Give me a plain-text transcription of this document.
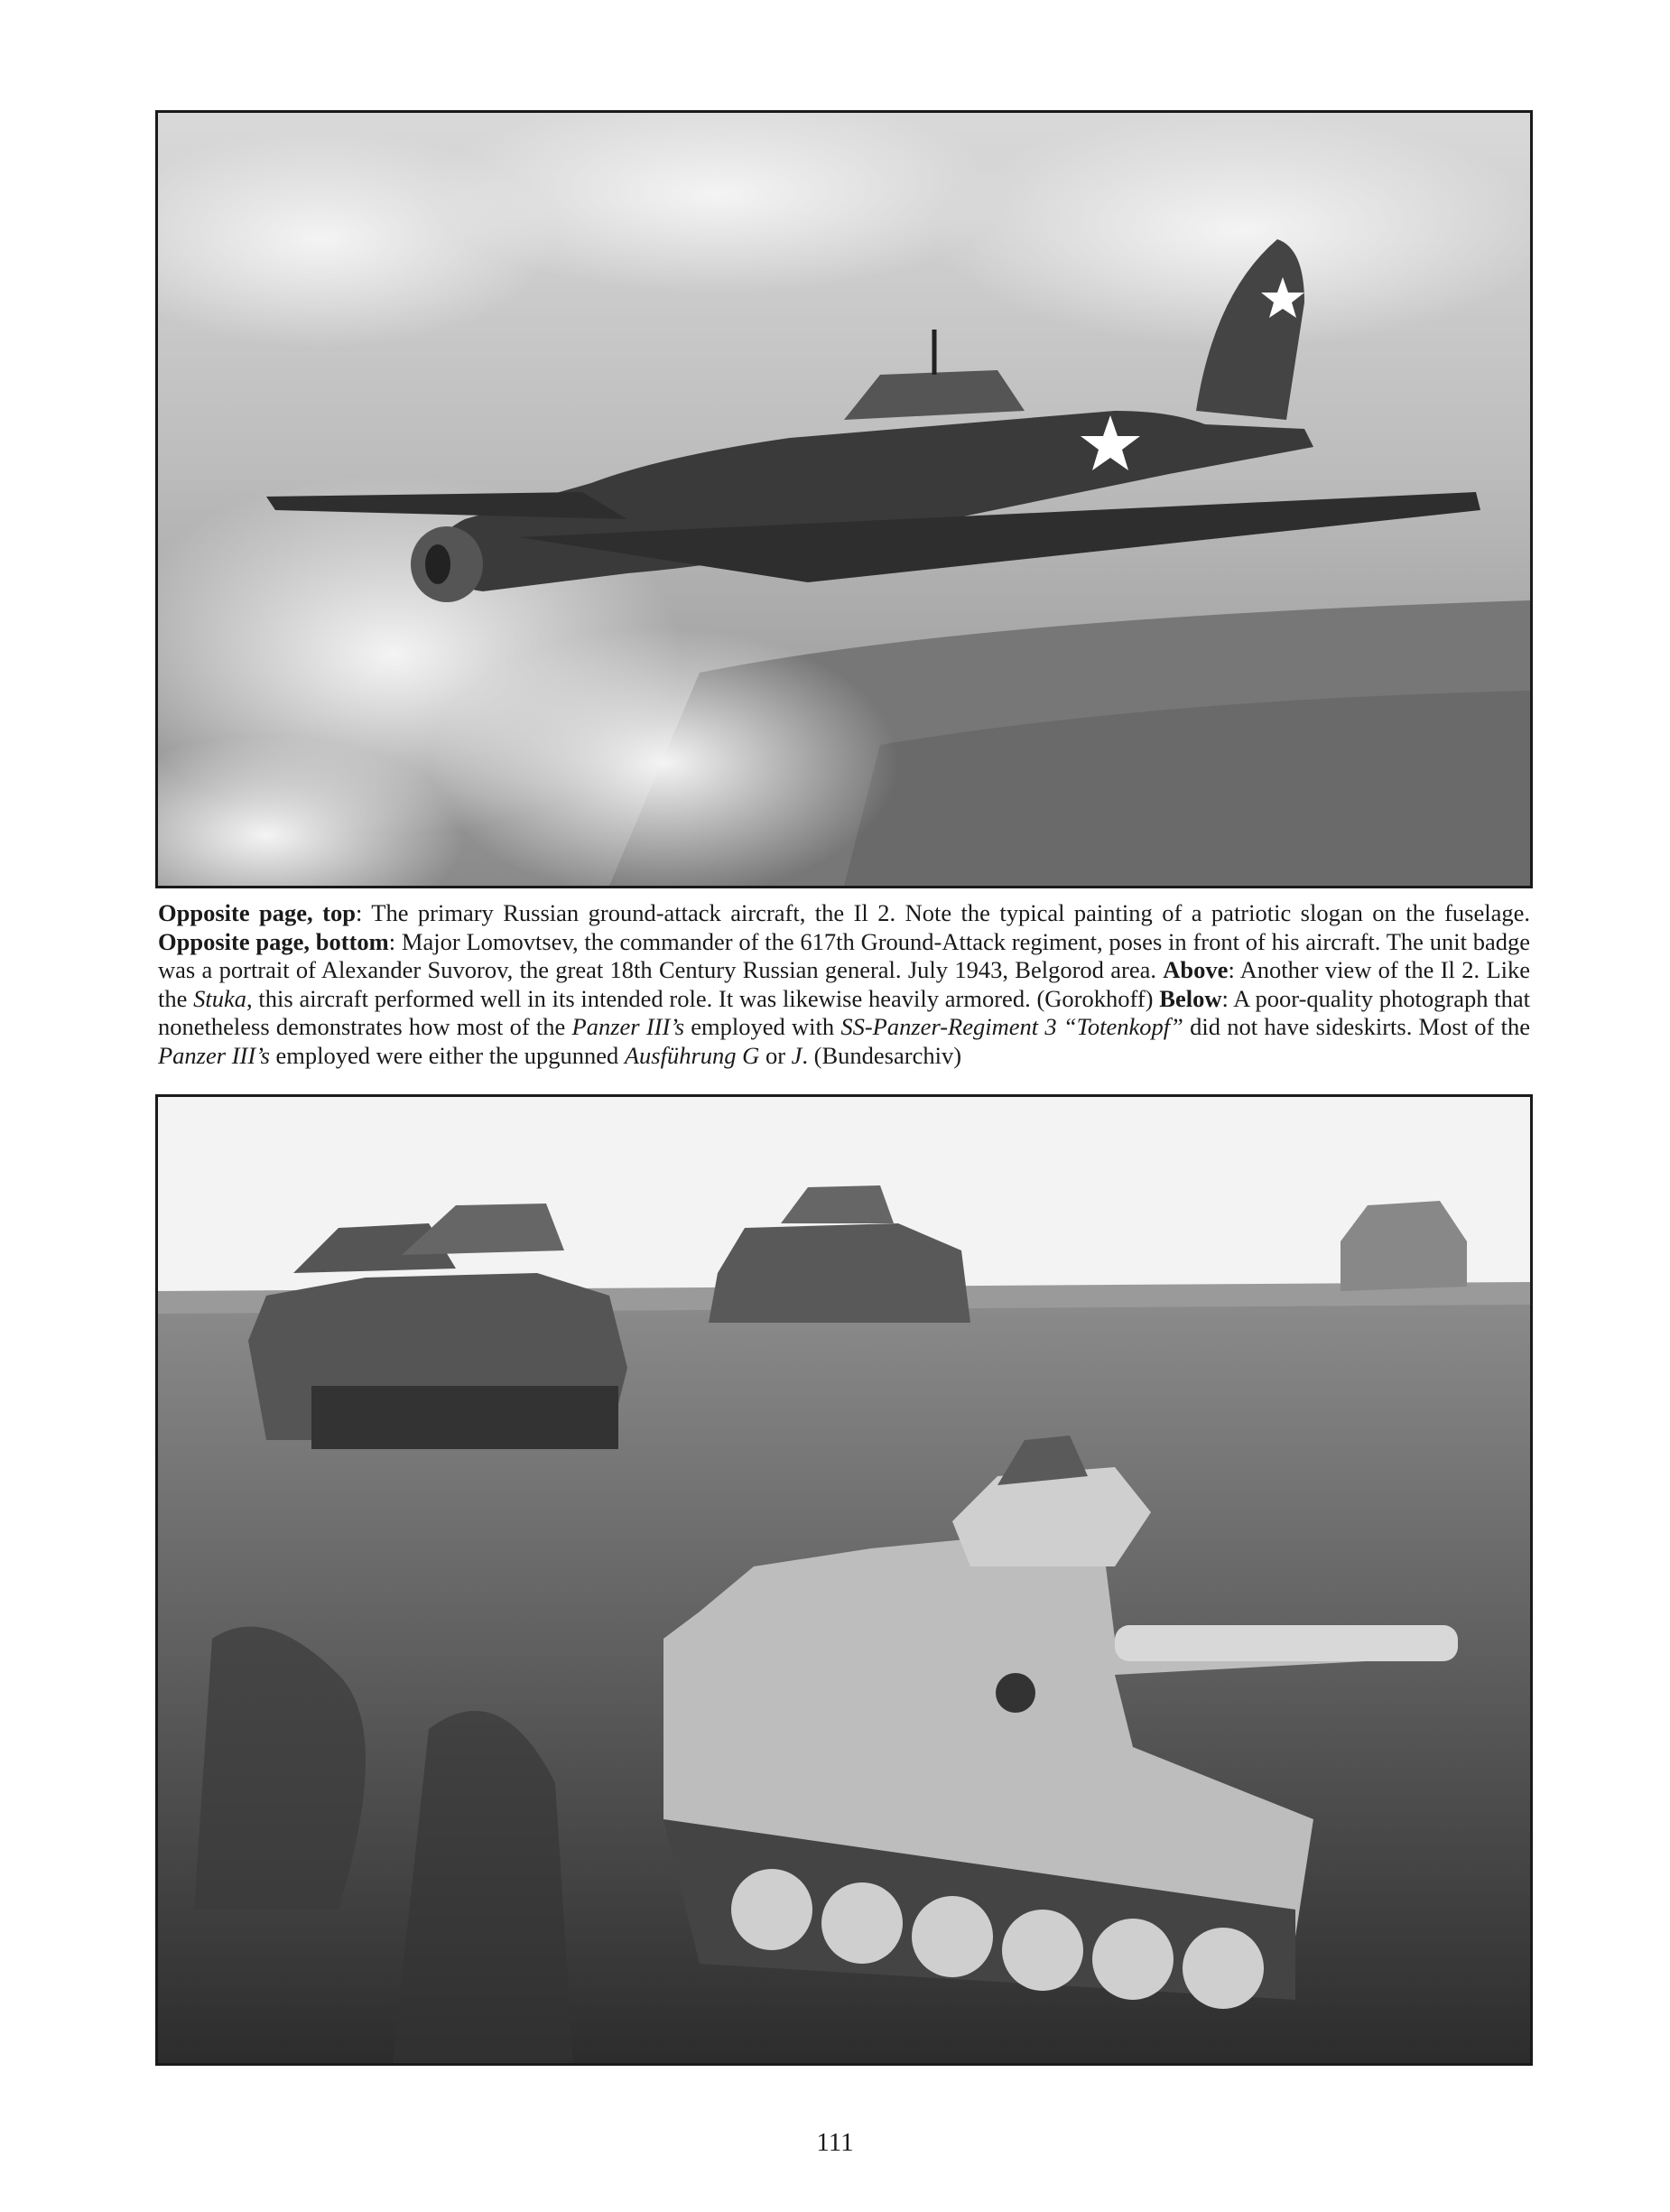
Opposite page, top: The primary Russian ground-attack aircraft, the Il 2. Note the typical painting of a patriotic slogan on the fuselage. Opposite page, bottom: Major Lomovtsev, the commander of the 617th Ground-Attack regiment, poses in front of his aircraft. The unit badge was a portrait of Alexander Suvorov, the great 18th Century Russian general. July 1943, Belgorod area. Above: Another view of the Il 2. Like the Stuka, this aircraft performed well in its intended role. It was likewise heavily armored. (Gorokhoff) Below: A poor-quality photograph that nonetheless demonstrates how most of the Panzer III’s employed with SS-Panzer-Regiment 3 “Totenkopf” did not have sideskirts. Most of the Panzer III’s employed were either the upgunned Ausführung G or J. (Bundesarchiv)

111
